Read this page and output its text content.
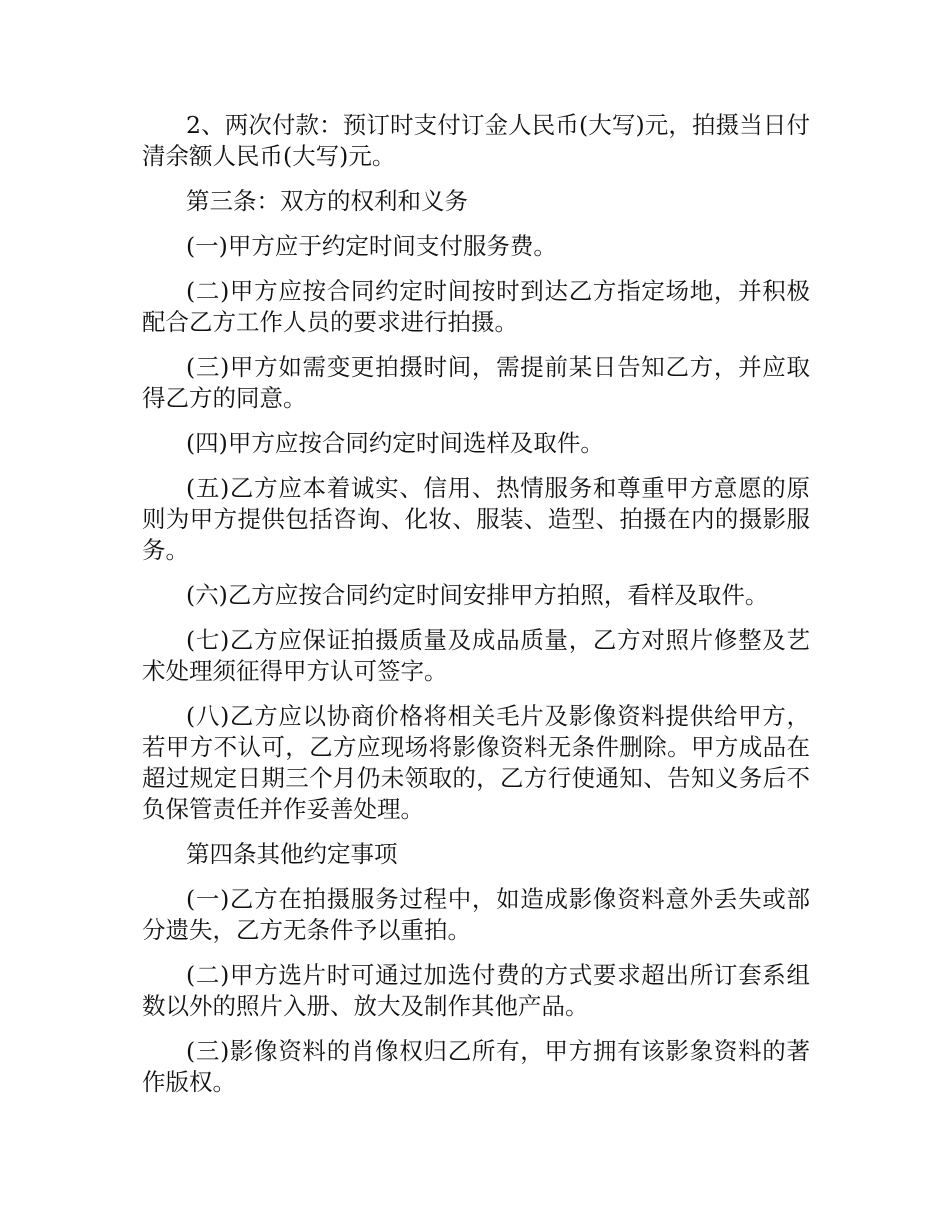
2、两次付款：预订时支付订金人民币(大写)元，拍摄当日付清余额人民币(大写)元。

第三条：双方的权利和义务

(一)甲方应于约定时间支付服务费。

(二)甲方应按合同约定时间按时到达乙方指定场地，并积极配合乙方工作人员的要求进行拍摄。

(三)甲方如需变更拍摄时间，需提前某日告知乙方，并应取得乙方的同意。

(四)甲方应按合同约定时间选样及取件。

(五)乙方应本着诚实、信用、热情服务和尊重甲方意愿的原则为甲方提供包括咨询、化妆、服装、造型、拍摄在内的摄影服务。

(六)乙方应按合同约定时间安排甲方拍照，看样及取件。

(七)乙方应保证拍摄质量及成品质量，乙方对照片修整及艺术处理须征得甲方认可签字。

(八)乙方应以协商价格将相关毛片及影像资料提供给甲方，若甲方不认可，乙方应现场将影像资料无条件删除。甲方成品在超过规定日期三个月仍未领取的，乙方行使通知、告知义务后不负保管责任并作妥善处理。

第四条其他约定事项

(一)乙方在拍摄服务过程中，如造成影像资料意外丢失或部分遗失，乙方无条件予以重拍。

(二)甲方选片时可通过加选付费的方式要求超出所订套系组数以外的照片入册、放大及制作其他产品。

(三)影像资料的肖像权归乙所有，甲方拥有该影象资料的著作版权。
